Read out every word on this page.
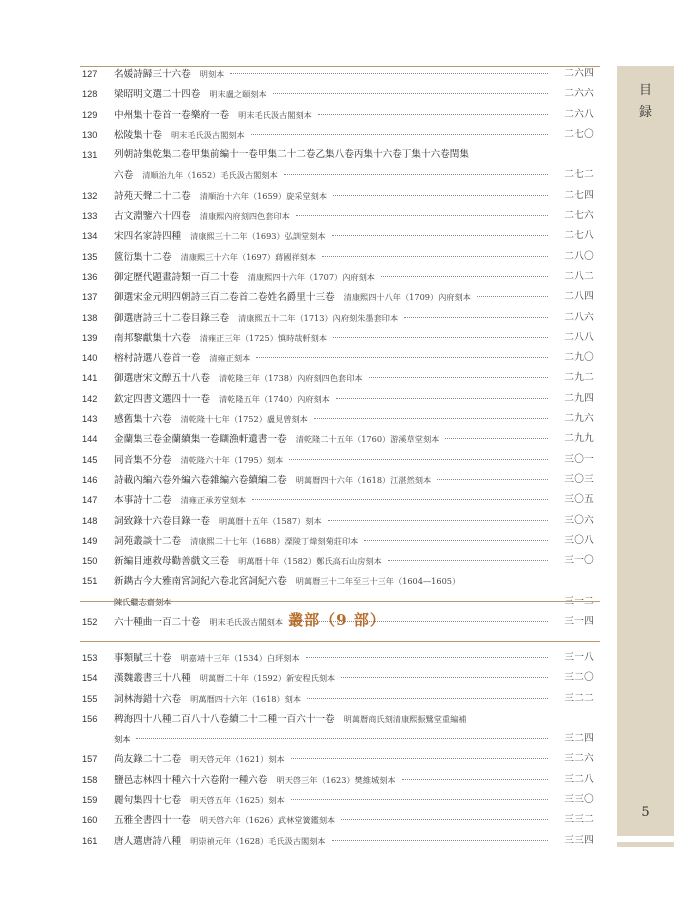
127	名媛詩歸三十六卷 明刻本	二六四
128	梁昭明文選二十四卷 明末盧之頤刻本	二六六
129	中州集十卷首一卷樂府一卷 明末毛氏汲古閣刻本	二六八
130	松陵集十卷 明末毛氏汲古閣刻本	二七〇
131	列朝詩集乾集二卷甲集前編十一卷甲集二十二卷乙集八卷丙集十六卷丁集十六卷閏集
六卷 清順治九年（1652）毛氏汲古閣刻本	二七二
132	詩苑天聲二十二卷 清順治十六年（1659）旋采堂刻本	二七四
133	古文淵鑒六十四卷 清康熙內府刻四色套印本	二七六
134	宋四名家詩四種 清康熙三十二年（1693）弘訓堂刻本	二七八
135	篋衍集十二卷 清康熙三十六年（1697）蔣國祥刻本	二八〇
136	御定歷代題畫詩類一百二十卷 清康熙四十六年（1707）內府刻本	二八二
137	御選宋金元明四朝詩三百二卷首二卷姓名爵里十三卷 清康熙四十八年（1709）內府刻本	二八四
138	御選唐詩三十二卷目錄三卷 清康熙五十二年（1713）內府刻朱墨套印本	二八六
139	南邦黎獻集十六卷 清雍正三年（1725）慎時哉軒刻本	二八八
140	榕村詩選八卷首一卷 清雍正刻本	二九〇
141	御選唐宋文醇五十八卷 清乾隆三年（1738）內府刻四色套印本	二九二
142	欽定四書文選四十一卷 清乾隆五年（1740）內府刻本	二九四
143	感舊集十六卷 清乾隆十七年（1752）盧見曾刻本	二九六
144	金蘭集三卷金蘭續集一卷瞓漁軒遺書一卷 清乾隆二十五年（1760）游溪草堂刻本	二九九
145	同音集不分卷 清乾隆六十年（1795）刻本	三〇一
146	詩載內編六卷外編六卷雜編六卷續編二卷 明萬曆四十六年（1618）江湛然刻本	三〇三
147	本事詩十二卷 清雍正承芳堂刻本	三〇五
148	詞致錄十六卷目錄一卷 明萬曆十五年（1587）刻本	三〇六
149	詞苑叢談十二卷 清康熙二十七年（1688）溧陵丁煒刻菊莊印本	三〇八
150	新編目連救母勸善戲文三卷 明萬曆十年（1582）鄭氏高石山房刻本	三一〇
151	新鐫古今大雅南宮詞紀六卷北宮詞紀六卷 明萬曆三十二年至三十三年（1604—1605）
陳氏繼志齋刻本	三一二
152	六十種曲一百二十卷 明末毛氏汲古閣刻本	三一四
叢部（9 部）
153	事類賦三十卷 明嘉靖十三年（1534）白玶刻本	三一八
154	漢魏叢書三十八種 明萬曆二十年（1592）新安程氏刻本	三二〇
155	詞林海錯十六卷 明萬曆四十六年（1618）刻本	三二二
156	稗海四十八種二百八十八卷續二十二種一百六十一卷 明萬曆商氏刻清康熙振鷺堂重編補
刻本	三二四
157	尚友錄二十二卷 明天啓元年（1621）刻本	三二六
158	鹽邑志林四十種六十六卷附一種六卷 明天啓三年（1623）樊維城刻本	三二八
159	麗句集四十七卷 明天啓五年（1625）刻本	三三〇
160	五雅全書四十一卷 明天啓六年（1626）武林堂簧鑑刻本	三三二
161	唐人選唐詩八種 明崇禎元年（1628）毛氏汲古閣刻本	三三四
目
録
5
